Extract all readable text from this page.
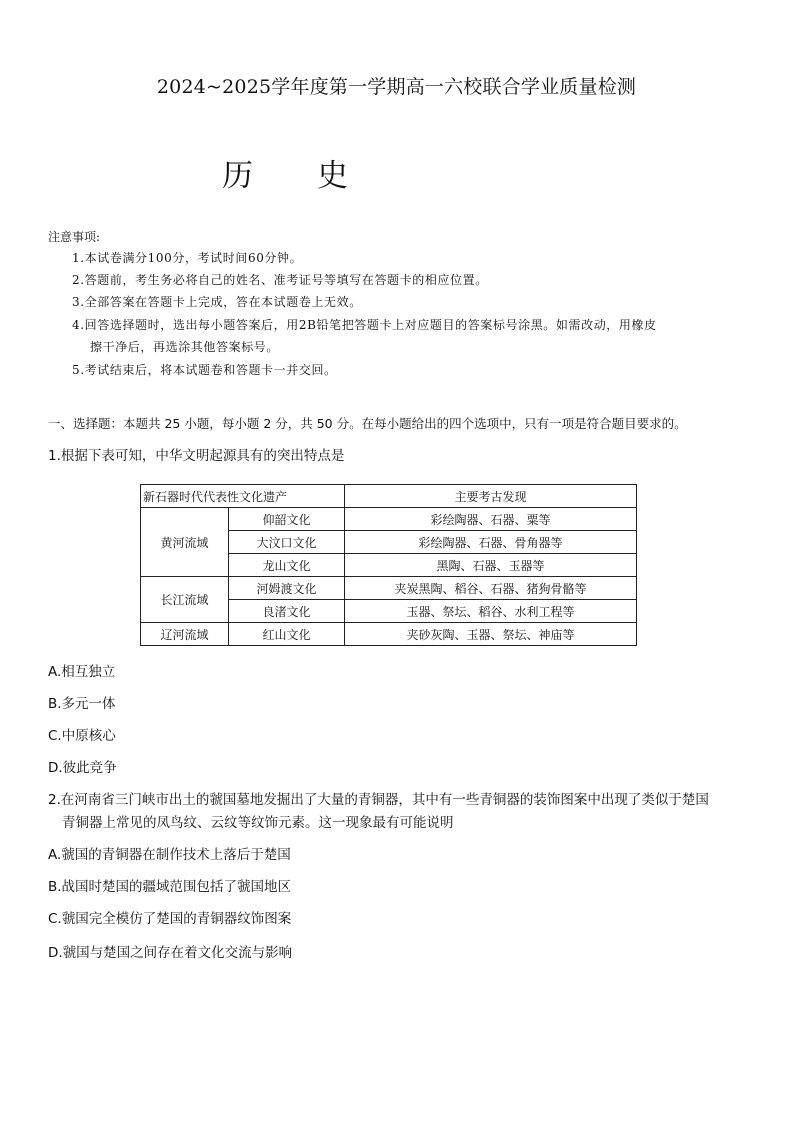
2024~2025学年度第一学期高一六校联合学业质量检测
历 史
注意事项:
1.本试卷满分100分，考试时间60分钟。
2.答题前，考生务必将自己的姓名、准考证号等填写在答题卡的相应位置。
3.全部答案在答题卡上完成，答在本试题卷上无效。
4.回答选择题时，选出每小题答案后，用2B铅笔把答题卡上对应题目的答案标号涂黑。如需改动，用橡皮
擦干净后，再选涂其他答案标号。
5.考试结束后，将本试题卷和答题卡一并交回。
一、选择题：本题共 25 小题，每小题 2 分，共 50 分。在每小题给出的四个选项中，只有一项是符合题目要求的。
1.根据下表可知，中华文明起源具有的突出特点是
新石器时代代表性文化遗产		主要考古发现
黄河流域	仰韶文化	彩绘陶器、石器、粟等
	大汶口文化	彩绘陶器、石器、骨角器等
	龙山文化	黑陶、石器、玉器等
长江流域	河姆渡文化	夹炭黑陶、稻谷、石器、猪狗骨骼等
	良渚文化	玉器、祭坛、稻谷、水利工程等
辽河流域	红山文化	夹砂灰陶、玉器、祭坛、神庙等
A.相互独立
B.多元一体
C.中原核心
D.彼此竞争
2.在河南省三门峡市出土的虢国墓地发掘出了大量的青铜器，其中有一些青铜器的装饰图案中出现了类似于楚国
青铜器上常见的凤鸟纹、云纹等纹饰元素。这一现象最有可能说明
A.虢国的青铜器在制作技术上落后于楚国
B.战国时楚国的疆域范围包括了虢国地区
C.虢国完全模仿了楚国的青铜器纹饰图案
D.虢国与楚国之间存在着文化交流与影响
